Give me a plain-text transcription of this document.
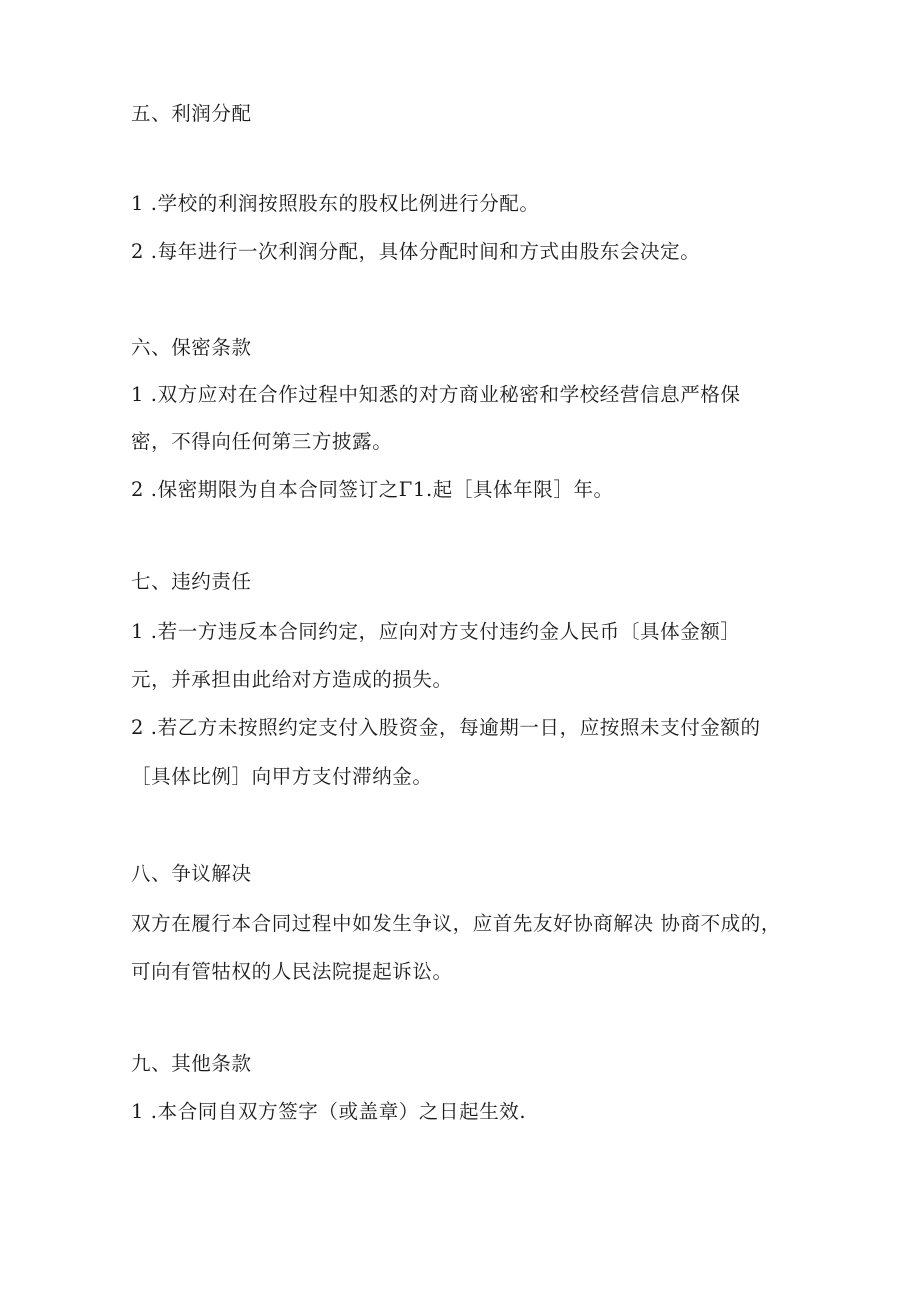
五、利润分配
1 .学校的利润按照股东的股权比例进行分配。
2 .每年进行一次利润分配，具体分配时间和方式由股东会决定。
六、保密条款
1 .双方应对在合作过程中知悉的对方商业秘密和学校经营信息严格保
密，不得向任何第三方披露。
2 .保密期限为自本合同签订之Γ1.起［具体年限］年。
七、违约责任
1 .若一方违反本合同约定，应向对方支付违约金人民币〔具体金额］
元，并承担由此给对方造成的损失。
2 .若乙方未按照约定支付入股资金，每逾期一日，应按照未支付金额的
［具体比例］向甲方支付滞纳金。
八、争议解决
双方在履行本合同过程中如发生争议，应首先友好协商解决 协商不成的，
可向有管牯权的人民法院提起诉讼。
九、其他条款
1 .本合同自双方签字（或盖章）之日起生效.
